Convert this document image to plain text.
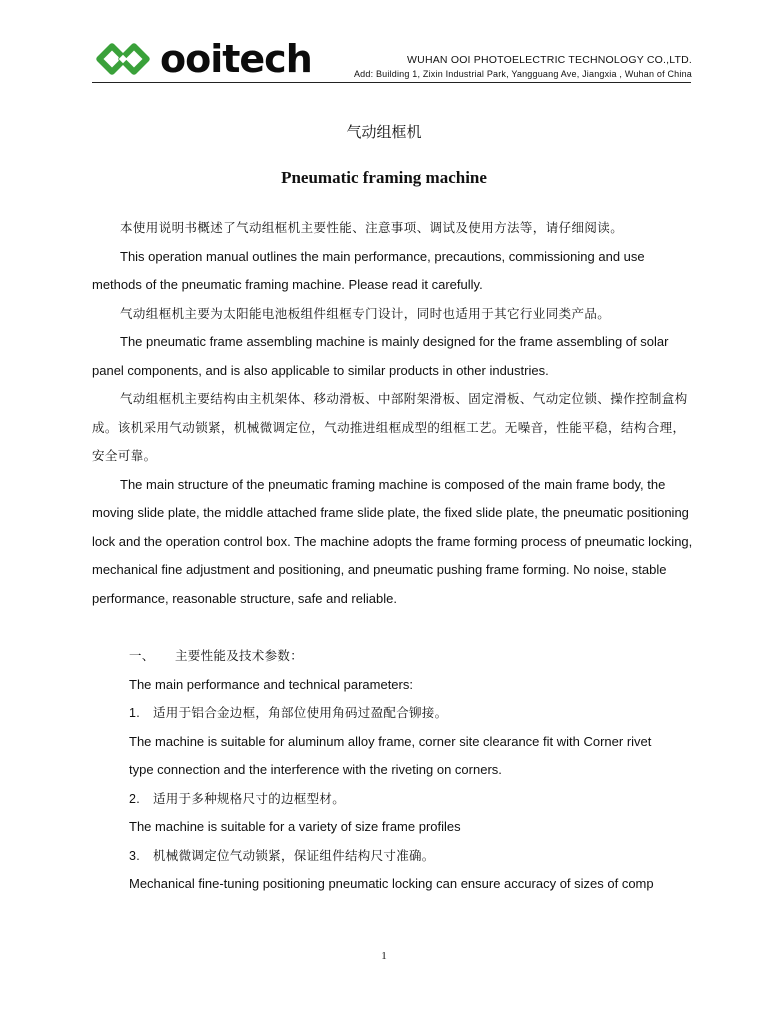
ooitech	WUHAN OOI PHOTOELECTRIC TECHNOLOGY CO.,LTD.
Add: Building 1, Zixin Industrial Park, Yangguang Ave, Jiangxia , Wuhan of China
气动组框机
Pneumatic framing machine

本使用说明书概述了气动组框机主要性能、注意事项、调试及使用方法等，请仔细阅读。

This operation manual outlines the main performance, precautions, commissioning and use methods of the pneumatic framing machine. Please read it carefully.

气动组框机主要为太阳能电池板组件组框专门设计，同时也适用于其它行业同类产品。

The pneumatic frame assembling machine is mainly designed for the frame assembling of solar panel components, and is also applicable to similar products in other industries.

气动组框机主要结构由主机架体、移动滑板、中部附架滑板、固定滑板、气动定位锁、操作控制盒构成。该机采用气动锁紧，机械微调定位，气动推进组框成型的组框工艺。无噪音，性能平稳，结构合理，安全可靠。

The main structure of the pneumatic framing machine is composed of the main frame body, the moving slide plate, the middle attached frame slide plate, the fixed slide plate, the pneumatic positioning lock and the operation control box. The machine adopts the frame forming process of pneumatic locking, mechanical fine adjustment and positioning, and pneumatic pushing frame forming. No noise, stable performance, reasonable structure, safe and reliable.

一、 主要性能及技术参数：

The main performance and technical parameters:

1. 适用于铝合金边框，角部位使用角码过盈配合铆接。

The machine is suitable for aluminum alloy frame, corner site clearance fit with Corner rivet

type connection and the interference with the riveting on corners.

2. 适用于多种规格尺寸的边框型材。

The machine is suitable for a variety of size frame profiles

3. 机械微调定位气动锁紧，保证组件结构尺寸准确。

Mechanical fine-tuning positioning pneumatic locking can ensure accuracy of sizes of comp

1
